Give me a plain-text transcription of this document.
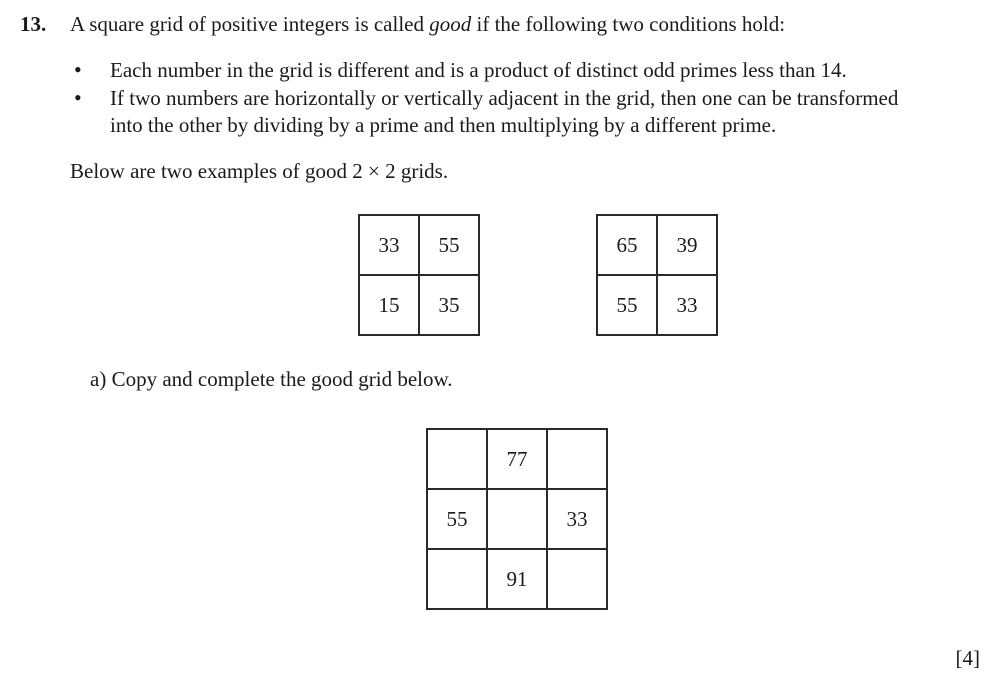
13. A square grid of positive integers is called good if the following two conditions hold:
• Each number in the grid is different and is a product of distinct odd primes less than 14.
• If two numbers are horizontally or vertically adjacent in the grid, then one can be transformed
into the other by dividing by a prime and then multiplying by a different prime.
Below are two examples of good 2 × 2 grids.
33	55
15	35
65	39
55	33
a) Copy and complete the good grid below.
	77	
55		33
	91	
[4]
